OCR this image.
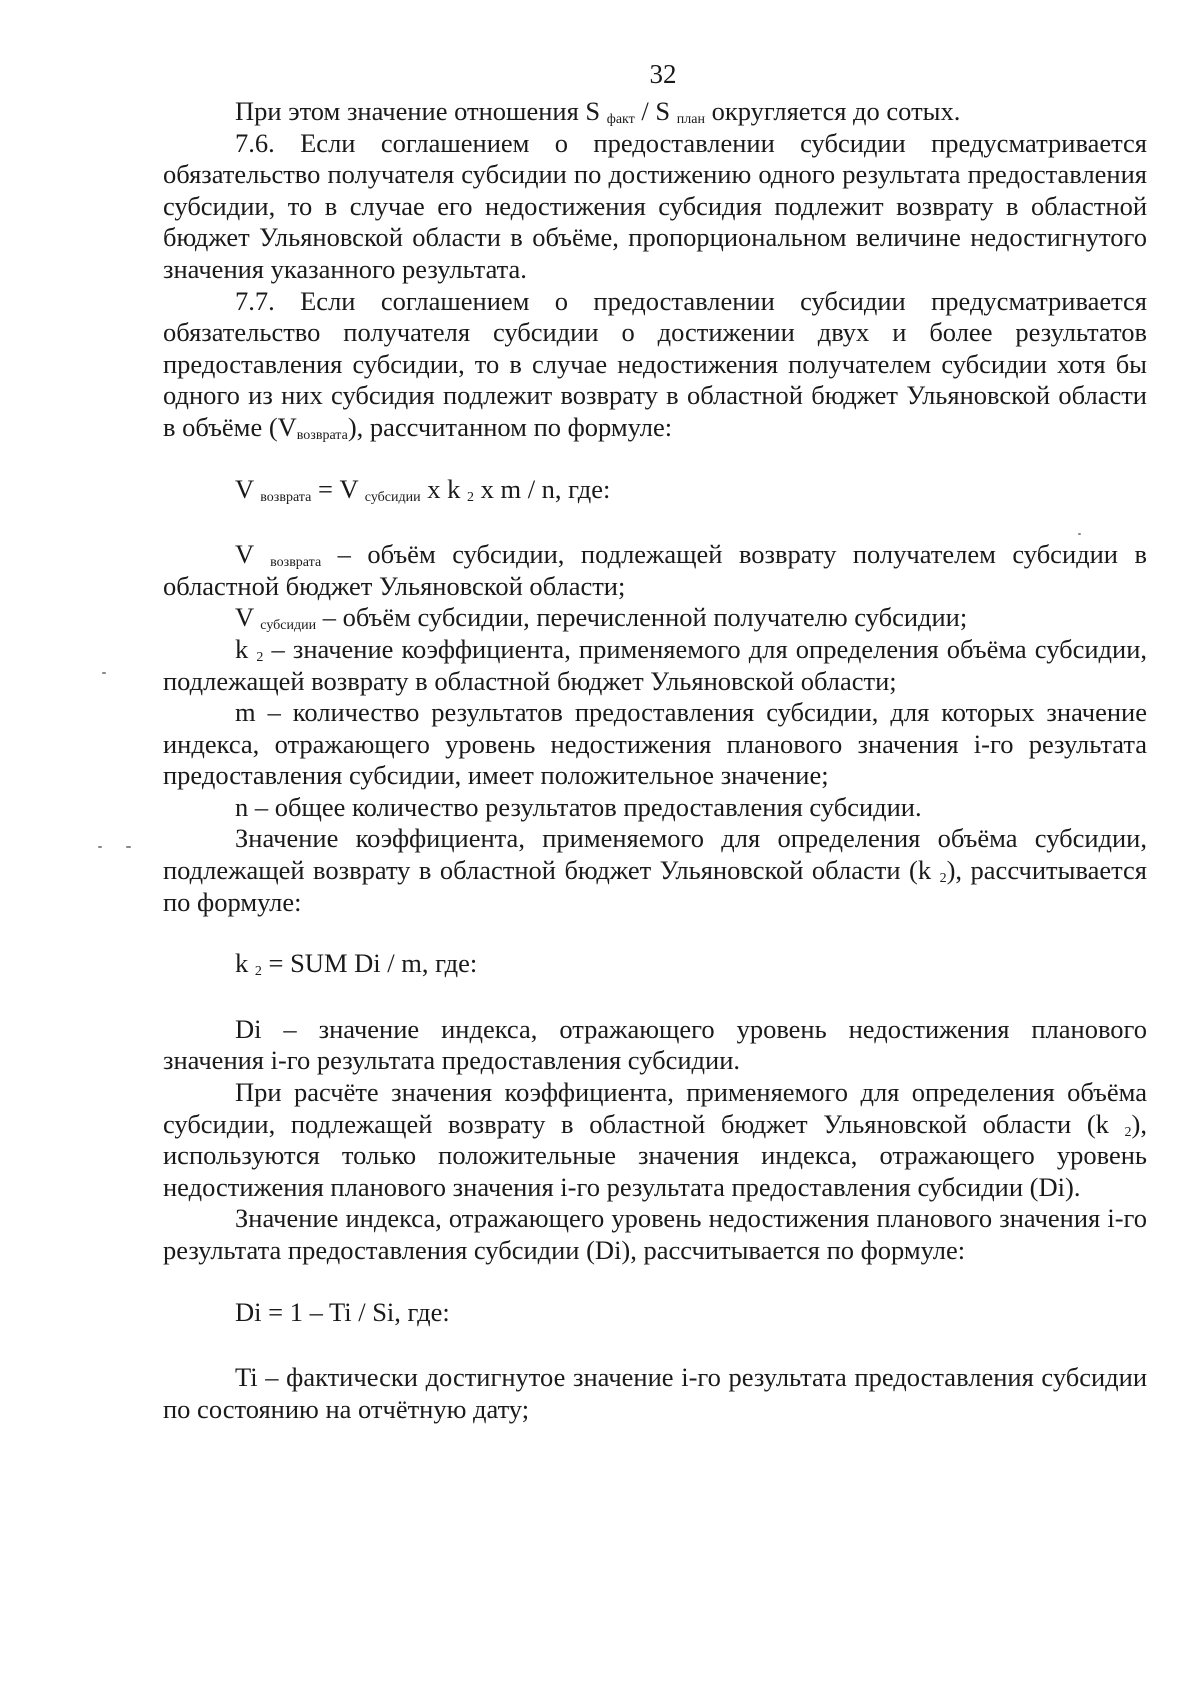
32

При этом значение отношения S $_{факт}$ / S $_{план}$ округляется до сотых.

7.6. Если соглашением о предоставлении субсидии предусматривается обязательство получателя субсидии по достижению одного результата предоставления субсидии, то в случае его недостижения субсидия подлежит возврату в областной бюджет Ульяновской области в объёме, пропорциональном величине недостигнутого значения указанного результата.

7.7. Если соглашением о предоставлении субсидии предусматривается обязательство получателя субсидии о достижении двух и более результатов предоставления субсидии, то в случае недостижения получателем субсидии хотя бы одного из них субсидия подлежит возврату в областной бюджет Ульяновской области в объёме $(V_{возврата})$, рассчитанном по формуле:

V $_{возврата}$ = V $_{субсидии}$ x k $_2$ x m / n, где:

V $_{возврата}$ – объём субсидии, подлежащей возврату получателем субсидии в областной бюджет Ульяновской области;

V $_{субсидии}$ – объём субсидии, перечисленной получателю субсидии;

k $_2$ – значение коэффициента, применяемого для определения объёма субсидии, подлежащей возврату в областной бюджет Ульяновской области;

m – количество результатов предоставления субсидии, для которых значение индекса, отражающего уровень недостижения планового значения i-го результата предоставления субсидии, имеет положительное значение;

n – общее количество результатов предоставления субсидии.

Значение коэффициента, применяемого для определения объёма субсидии, подлежащей возврату в областной бюджет Ульяновской области (k $_2$), рассчитывается по формуле:

k $_2$ = SUM Di / m, где:

Di – значение индекса, отражающего уровень недостижения планового значения i-го результата предоставления субсидии.

При расчёте значения коэффициента, применяемого для определения объёма субсидии, подлежащей возврату в областной бюджет Ульяновской области (k $_2$), используются только положительные значения индекса, отражающего уровень недостижения планового значения i-го результата предоставления субсидии (Di).

Значение индекса, отражающего уровень недостижения планового значения i-го результата предоставления субсидии (Di), рассчитывается по формуле:

Di = 1 – Ti / Si, где:

Ti – фактически достигнутое значение i-го результата предоставления субсидии по состоянию на отчётную дату;
